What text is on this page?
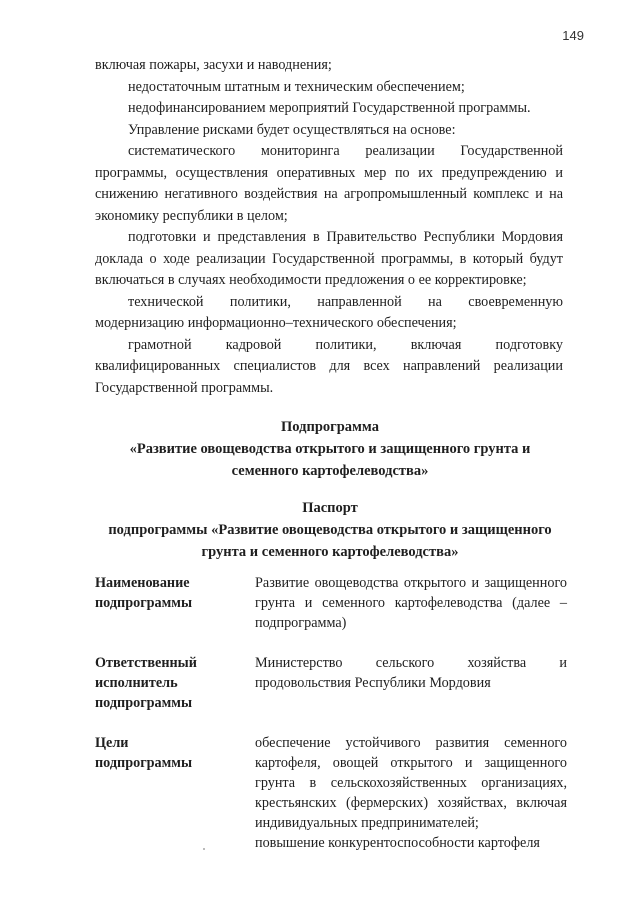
149

включая пожары, засухи и наводнения;

недостаточным штатным и техническим обеспечением;

недофинансированием мероприятий Государственной программы.

Управление рисками будет осуществляться на основе:

систематического мониторинга реализации Государственной программы, осуществления оперативных мер по их предупреждению и снижению негативного воздействия на агропромышленный комплекс и на экономику республики в целом;

подготовки и представления в Правительство Республики Мордовия доклада о ходе реализации Государственной программы, в который будут включаться в случаях необходимости предложения о ее корректировке;

технической политики, направленной на своевременную модернизацию информационно–технического обеспечения;

грамотной кадровой политики, включая подготовку квалифицированных специалистов для всех направлений реализации Государственной программы.

Подпрограмма
«Развитие овощеводства открытого и защищенного грунта и
семенного картофелеводства»
Паспорт
подпрограммы «Развитие овощеводства открытого и защищенного
грунта и семенного картофелеводства»
Наименование
подпрограммы

Развитие овощеводства открытого и защищенного грунта и семенного картофелеводства (далее – подпрограмма)

Ответственный
исполнитель
подпрограммы

Министерство сельского хозяйства и продовольствия Республики Мордовия

Цели
подпрограммы

обеспечение устойчивого развития семенного картофеля, овощей открытого и защищенного грунта в сельскохозяйственных организациях, крестьянских (фермерских) хозяйствах, включая индивидуальных предпринимателей;

повышение конкурентоспособности картофеля
